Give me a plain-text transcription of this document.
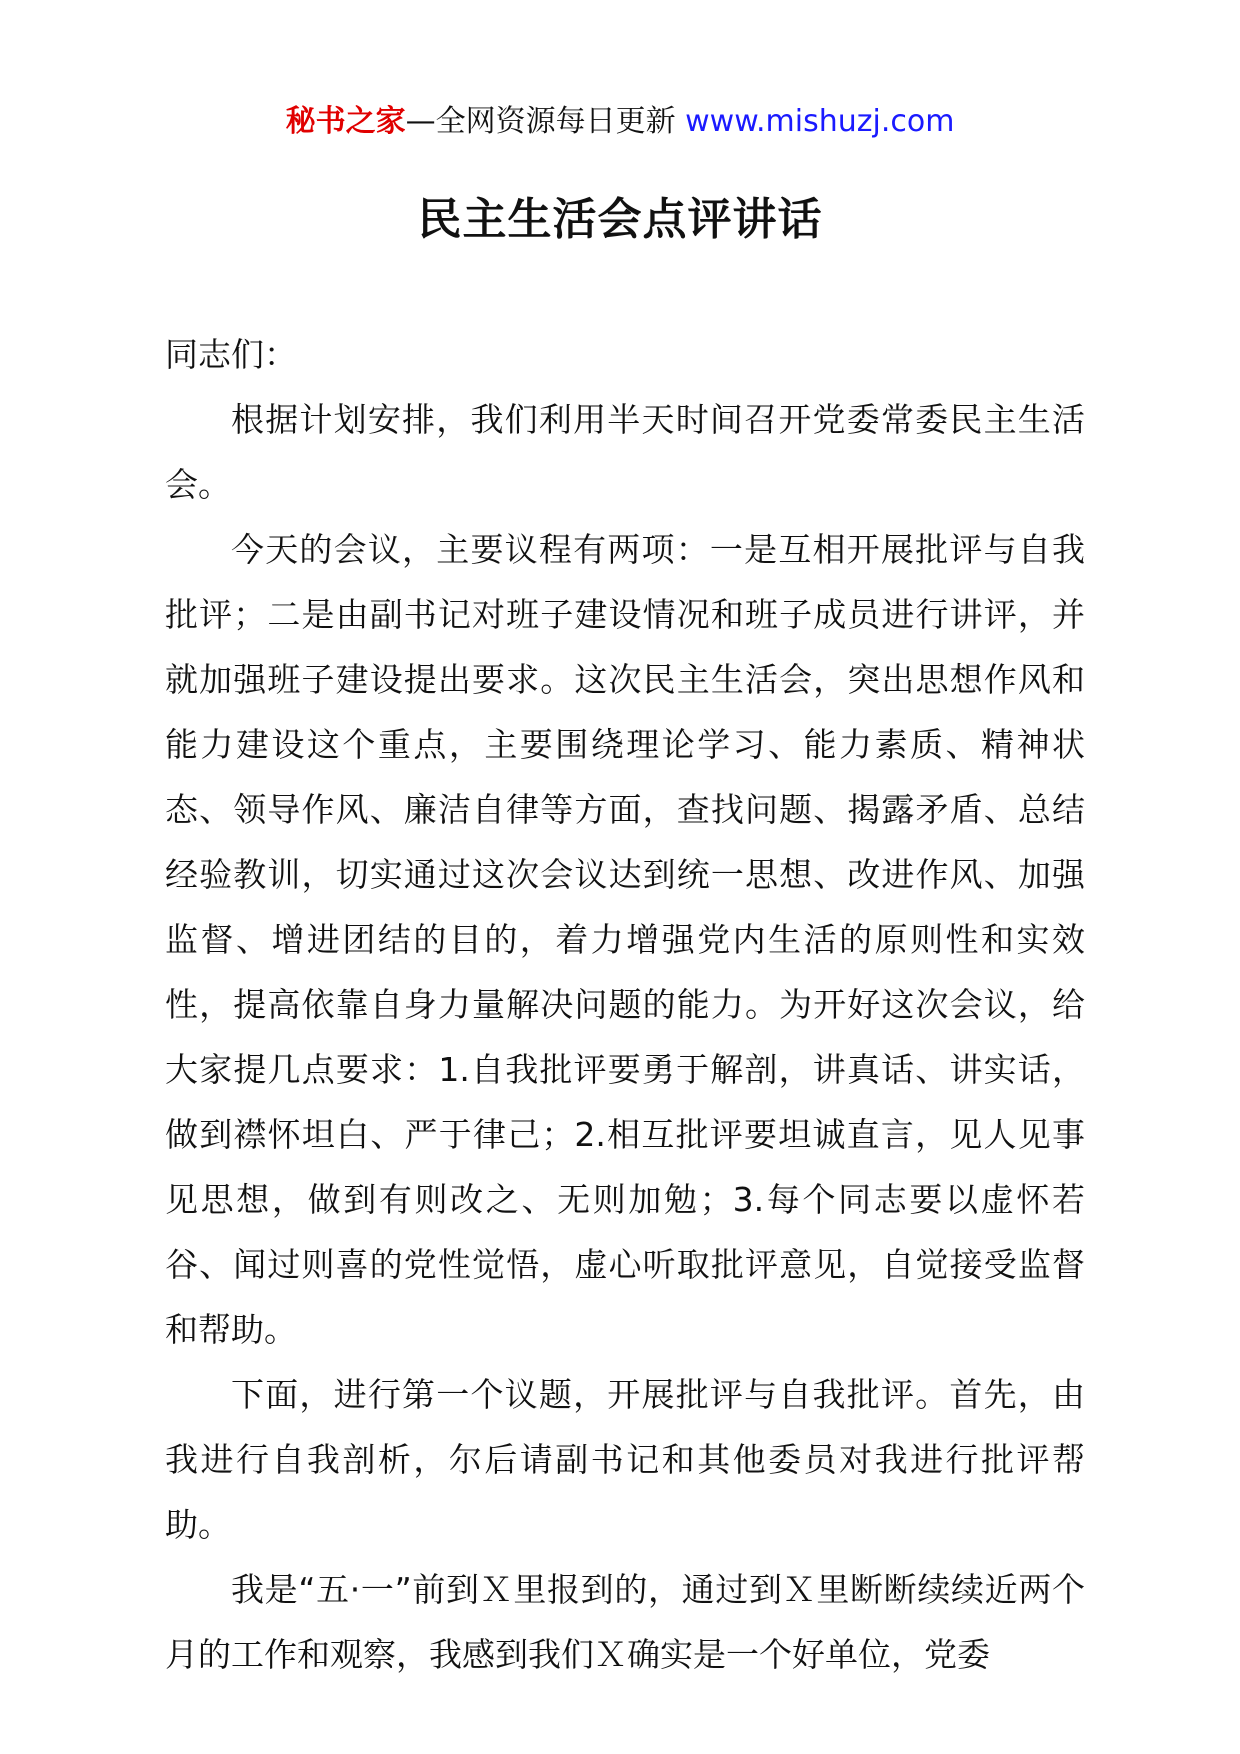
秘书之家—全网资源每日更新 www.mishuzj.com
民主生活会点评讲话

同志们：

根据计划安排，我们利用半天时间召开党委常委民主生活会。

今天的会议，主要议程有两项：一是互相开展批评与自我批评；二是由副书记对班子建设情况和班子成员进行讲评，并就加强班子建设提出要求。这次民主生活会，突出思想作风和能力建设这个重点，主要围绕理论学习、能力素质、精神状态、领导作风、廉洁自律等方面，查找问题、揭露矛盾、总结经验教训，切实通过这次会议达到统一思想、改进作风、加强监督、增进团结的目的，着力增强党内生活的原则性和实效性，提高依靠自身力量解决问题的能力。为开好这次会议，给大家提几点要求：1.自我批评要勇于解剖，讲真话、讲实话，做到襟怀坦白、严于律己；2.相互批评要坦诚直言，见人见事见思想，做到有则改之、无则加勉；3.每个同志要以虚怀若谷、闻过则喜的党性觉悟，虚心听取批评意见，自觉接受监督和帮助。

下面，进行第一个议题，开展批评与自我批评。首先，由我进行自我剖析，尔后请副书记和其他委员对我进行批评帮助。

我是“五·一”前到Ｘ里报到的，通过到Ｘ里断断续续近两个月的工作和观察，我感到我们Ｘ确实是一个好单位，党委
